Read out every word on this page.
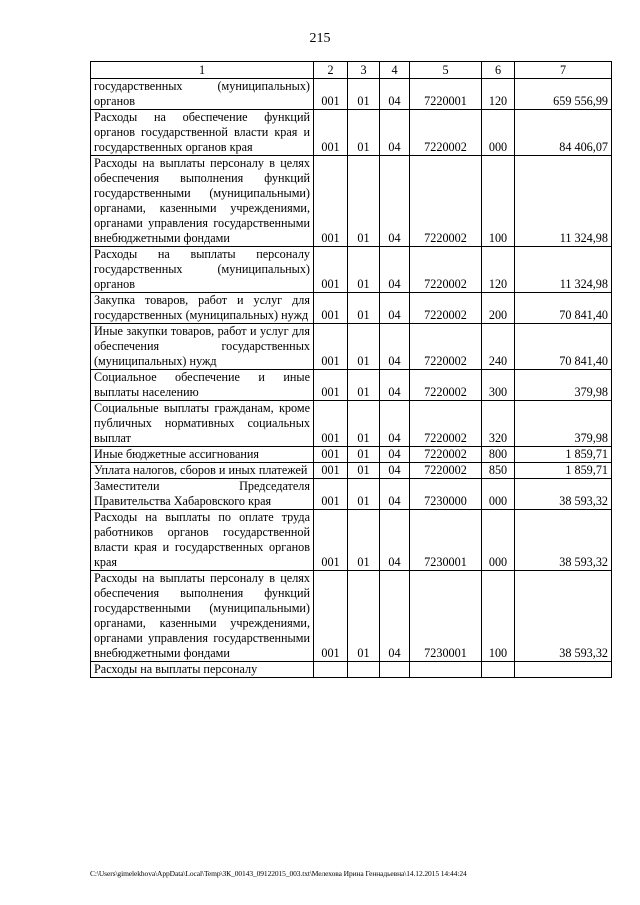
215
1	2	3	4	5	6	7
государственных (муниципальных) органов	001	01	04	7220001	120	659 556,99
Расходы на обеспечение функций органов государственной власти края и государственных органов края	001	01	04	7220002	000	84 406,07
Расходы на выплаты персоналу в целях обеспечения выполнения функций государственными (муниципальными) органами, казенными учреждениями, органами управления государственными внебюджетными фондами	001	01	04	7220002	100	11 324,98
Расходы на выплаты персоналу государственных (муниципальных) органов	001	01	04	7220002	120	11 324,98
Закупка товаров, работ и услуг для государственных (муниципальных) нужд	001	01	04	7220002	200	70 841,40
Иные закупки товаров, работ и услуг для обеспечения государственных (муниципальных) нужд	001	01	04	7220002	240	70 841,40
Социальное обеспечение и иные выплаты населению	001	01	04	7220002	300	379,98
Социальные выплаты гражданам, кроме публичных нормативных социальных выплат	001	01	04	7220002	320	379,98
Иные бюджетные ассигнования	001	01	04	7220002	800	1 859,71
Уплата налогов, сборов и иных платежей	001	01	04	7220002	850	1 859,71
Заместители Председателя Правительства Хабаровского края	001	01	04	7230000	000	38 593,32
Расходы на выплаты по оплате труда работников органов государственной власти края и государственных органов края	001	01	04	7230001	000	38 593,32
Расходы на выплаты персоналу в целях обеспечения выполнения функций государственными (муниципальными) органами, казенными учреждениями, органами управления государственными внебюджетными фондами	001	01	04	7230001	100	38 593,32
Расходы на выплаты персоналу						
C:\Users\gimelekhova\AppData\Local\Temp\ЗК_00143_09122015_003.txt\Мелехова Ирина Геннадьевна\14.12.2015 14:44:24
